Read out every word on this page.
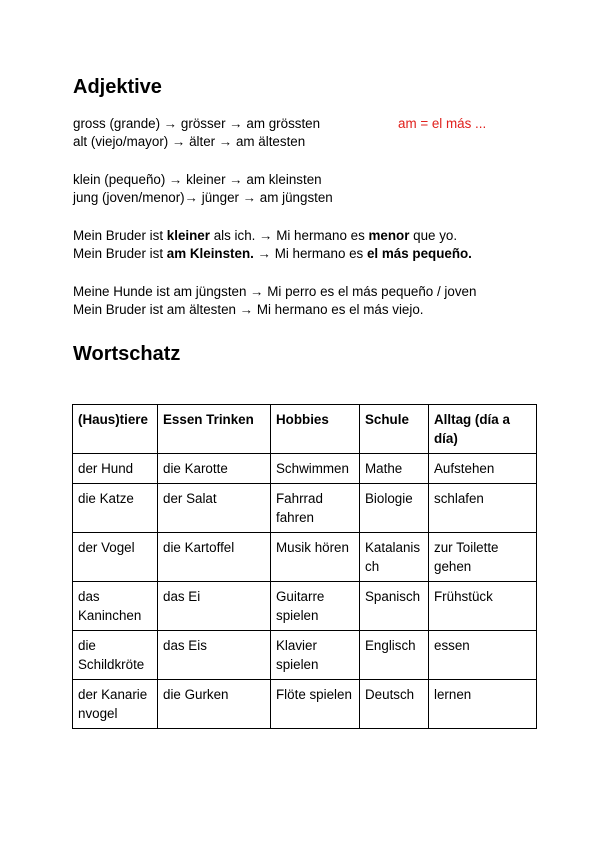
Adjektive
gross (grande) → grösser → am grössten	am = el más ...
alt (viejo/mayor) → älter → am ältesten
klein (pequeño) → kleiner → am kleinsten
jung (joven/menor)→ jünger → am jüngsten
Mein Bruder ist kleiner als ich. → Mi hermano es menor que yo.
Mein Bruder ist am Kleinsten. → Mi hermano es el más pequeño.
Meine Hunde ist am jüngsten → Mi perro es el más pequeño / joven
Mein Bruder ist am ältesten → Mi hermano es el más viejo.
Wortschatz
(Haus)tiere	Essen Trinken	Hobbies	Schule	Alltag (día a día)
der Hund	die Karotte	Schwimmen	Mathe	Aufstehen
die Katze	der Salat	Fahrrad fahren	Biologie	schlafen
der Vogel	die Kartoffel	Musik hören	Katalanisch	zur Toilette gehen
das Kaninchen	das Ei	Guitarre spielen	Spanisch	Frühstück
die Schildkröte	das Eis	Klavier spielen	Englisch	essen
der Kanarienvogel	die Gurken	Flöte spielen	Deutsch	lernen
